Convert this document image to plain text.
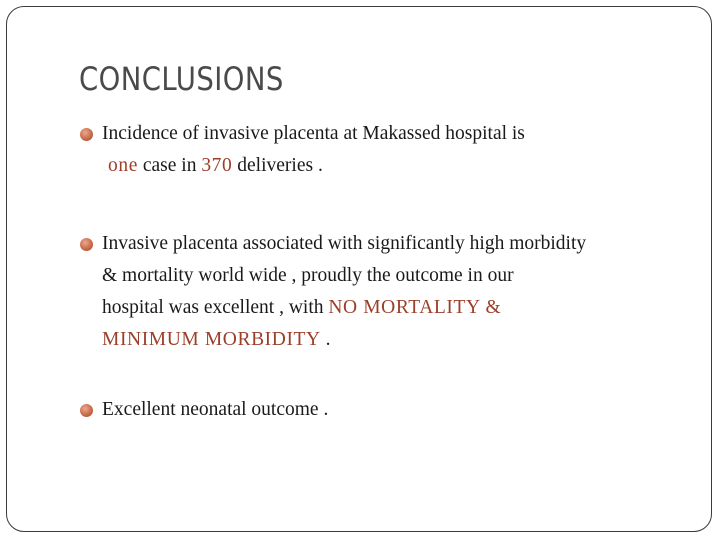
CONCLUSIONS
Incidence of invasive placenta at Makassed hospital is
one case in 370 deliveries .
Invasive placenta associated with significantly high morbidity
& mortality world wide , proudly the outcome in our
hospital was excellent , with NO MORTALITY &
MINIMUM MORBIDITY .
Excellent neonatal outcome .
